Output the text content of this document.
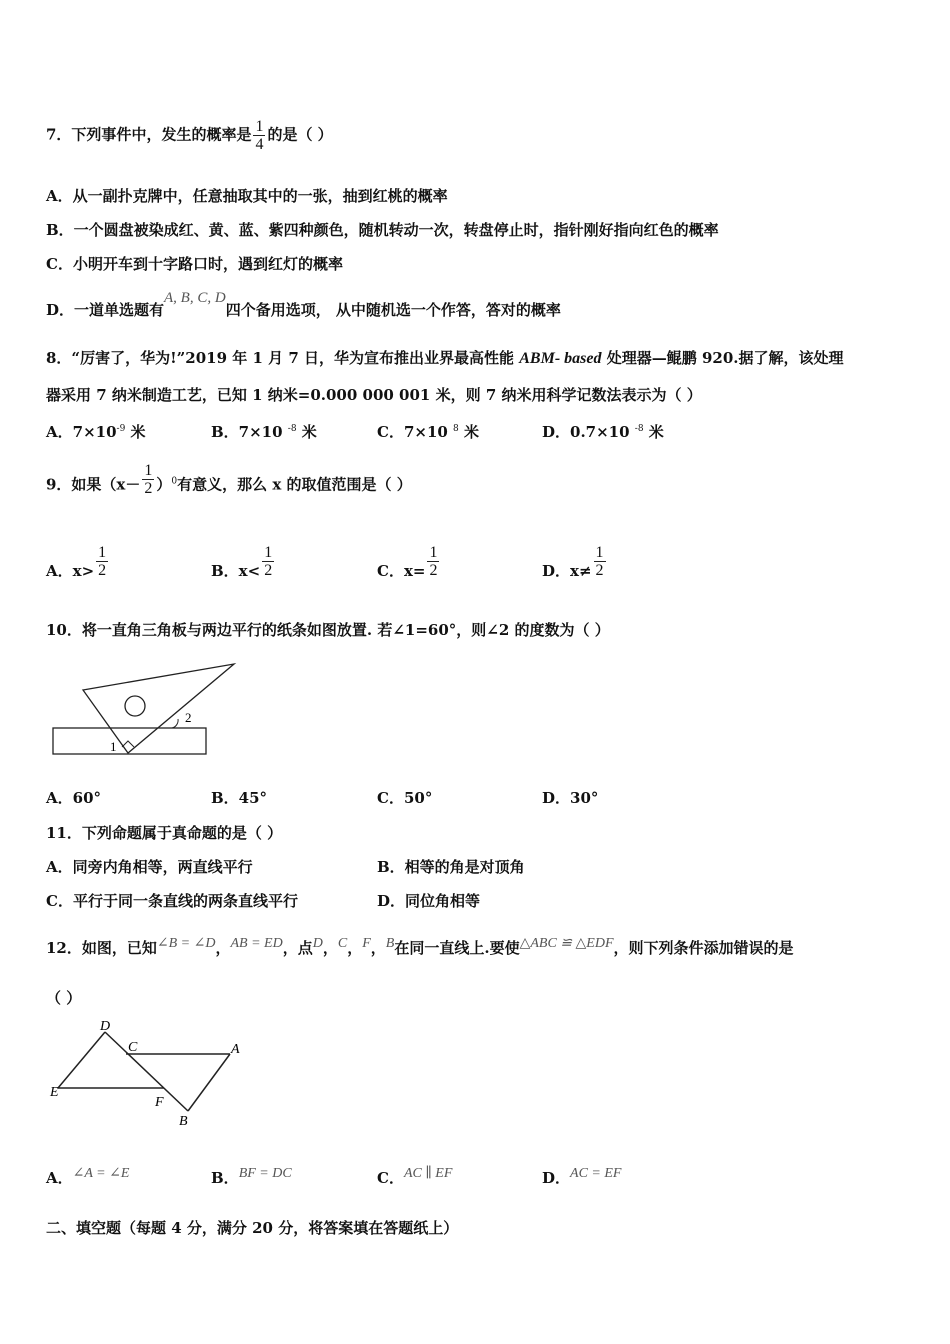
7．下列事件中，发生的概率是 $\frac{1}{4}$ 的是（ ）
A．从一副扑克牌中，任意抽取其中的一张，抽到红桃的概率
B．一个圆盘被染成红、黄、蓝、紫四种颜色，随机转动一次，转盘停止时，指针刚好指向红色的概率
C．小明开车到十字路口时，遇到红灯的概率
D．一道单选题有A, B, C, D四个备用选项， 从中随机选一个作答，答对的概率
8．“厉害了，华为!”2019 年 1 月 7 日，华为宣布推出业界最高性能 ABM- based 处理器—鲲鹏 920.据了解，该处理
器采用 7 纳米制造工艺，已知 1 纳米=0.000 000 001 米，则 7 纳米用科学记数法表示为（ ）
A．$7\times 10^{-9}$ 米	B．7×10 $^{-8}$ 米	C．7×10 $^8$ 米	D．0.7×10 $^{-8}$ 米
9．如果$(x- \frac{1}{2} )^0$有意义，那么 x 的取值范围是（ ）
A．$x> \frac{1}{2}$	B．$x< \frac{1}{2}$	C．$x= \frac{1}{2}$	D．$x\ne \frac{1}{2}$
10．将一直角三角板与两边平行的纸条如图放置. 若∠1=60°，则∠2 的度数为（ ）
1
2
A．60°	B．45°	C．50°	D．30°
11．下列命题属于真命题的是（ ）
A．同旁内角相等，两直线平行	B．相等的角是对顶角
C．平行于同一条直线的两条直线平行	D．同位角相等
12．如图，已知∠B = ∠D，AB = ED，点D，C，F，B在同一直线上.要使△ABC ≌ △EDF，则下列条件添加错误的是
（ ）
D
C	A
E
F
B
A．∠A = ∠E	B．BF = DC	C．AC ∥ EF	D．AC = EF
二、填空题（每题 4 分，满分 20 分，将答案填在答题纸上）
